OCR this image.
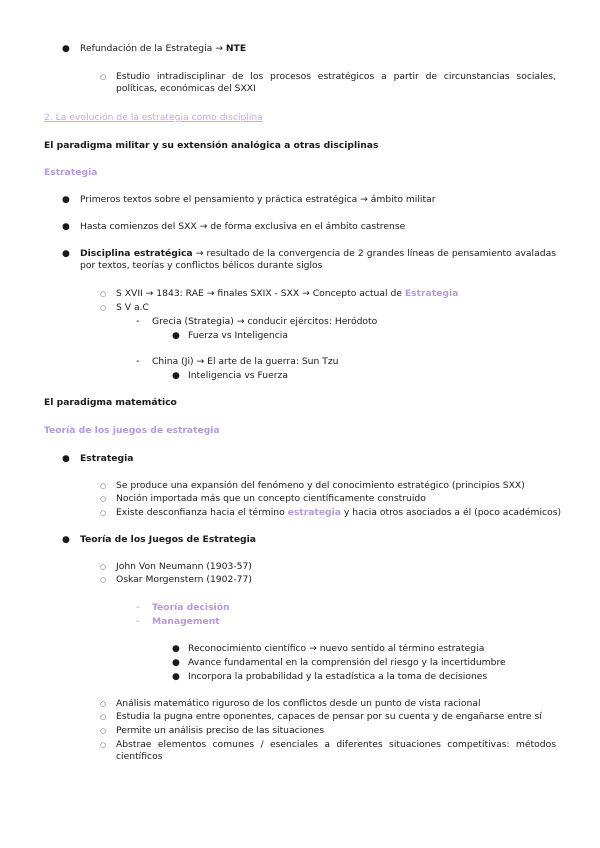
● Refundación de la Estrategia → NTE
○ Estudio intradisciplinar de los procesos estratégicos a partir de circunstancias sociales, políticas, económicas del SXXI
2. La evolución de la estrategia como disciplina
El paradigma militar y su extensión analógica a otras disciplinas
Estrategia
● Primeros textos sobre el pensamiento y práctica estratégica → ámbito militar
● Hasta comienzos del SXX → de forma exclusiva en el ámbito castrense
● Disciplina estratégica → resultado de la convergencia de 2 grandes líneas de pensamiento avaladas por textos, teorías y conflictos bélicos durante siglos
○ S XVII → 1843: RAE → finales SXIX - SXX → Concepto actual de Estrategia
○ S V a.C
- Grecia (Strategia) → conducir ejércitos: Heródoto
● Fuerza vs Inteligencia
- China (Ji) → El arte de la guerra: Sun Tzu
● Inteligencia vs Fuerza
El paradigma matemático
Teoría de los juegos de estrategia
● Estrategia
○ Se produce una expansión del fenómeno y del conocimiento estratégico (principios SXX)
○ Noción importada más que un concepto científicamente construido
○ Existe desconfianza hacia el término estrategia y hacia otros asociados a él (poco académicos)
● Teoría de los Juegos de Estrategia
○ John Von Neumann (1903-57)
○ Oskar Morgenstern (1902-77)
- Teoría decisión
- Management
● Reconocimiento científico → nuevo sentido al término estrategia
● Avance fundamental en la comprensión del riesgo y la incertidumbre
● Incorpora la probabilidad y la estadística a la toma de decisiones
○ Análisis matemático riguroso de los conflictos desde un punto de vista racional
○ Estudia la pugna entre oponentes, capaces de pensar por su cuenta y de engañarse entre sí
○ Permite un análisis preciso de las situaciones
○ Abstrae elementos comunes / esenciales a diferentes situaciones competitivas: métodos científicos
